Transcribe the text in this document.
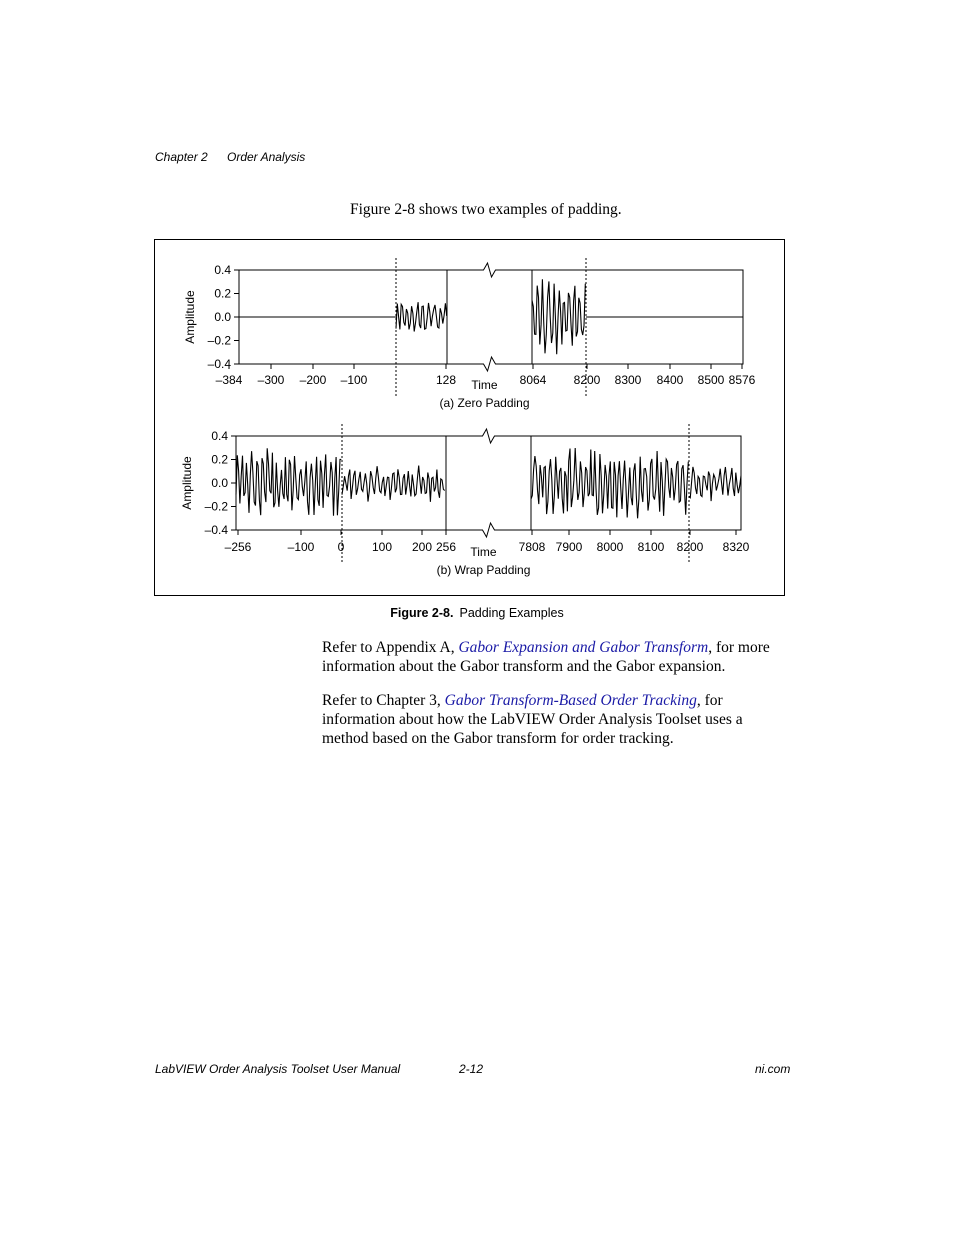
Chapter 2 Order Analysis
Figure 2-8 shows two examples of padding.
0.4
0.2
0.0
–0.2
–0.4
Amplitude
–384 –300 –200 –100	128	8064 8200 8300 8400 8500 8576
Time
(a) Zero Padding
0.4
0.2
0.0
–0.2
–0.4
Amplitude
–256	–100 0 100 200 256	7808 7900 8000 8100 8200 8320
Time
(b) Wrap Padding
Figure 2-8. Padding Examples
Refer to Appendix A, Gabor Expansion and Gabor Transform, for more information about the Gabor transform and the Gabor expansion.
Refer to Chapter 3, Gabor Transform-Based Order Tracking, for information about how the LabVIEW Order Analysis Toolset uses a method based on the Gabor transform for order tracking.
LabVIEW Order Analysis Toolset User Manual	2-12	ni.com
